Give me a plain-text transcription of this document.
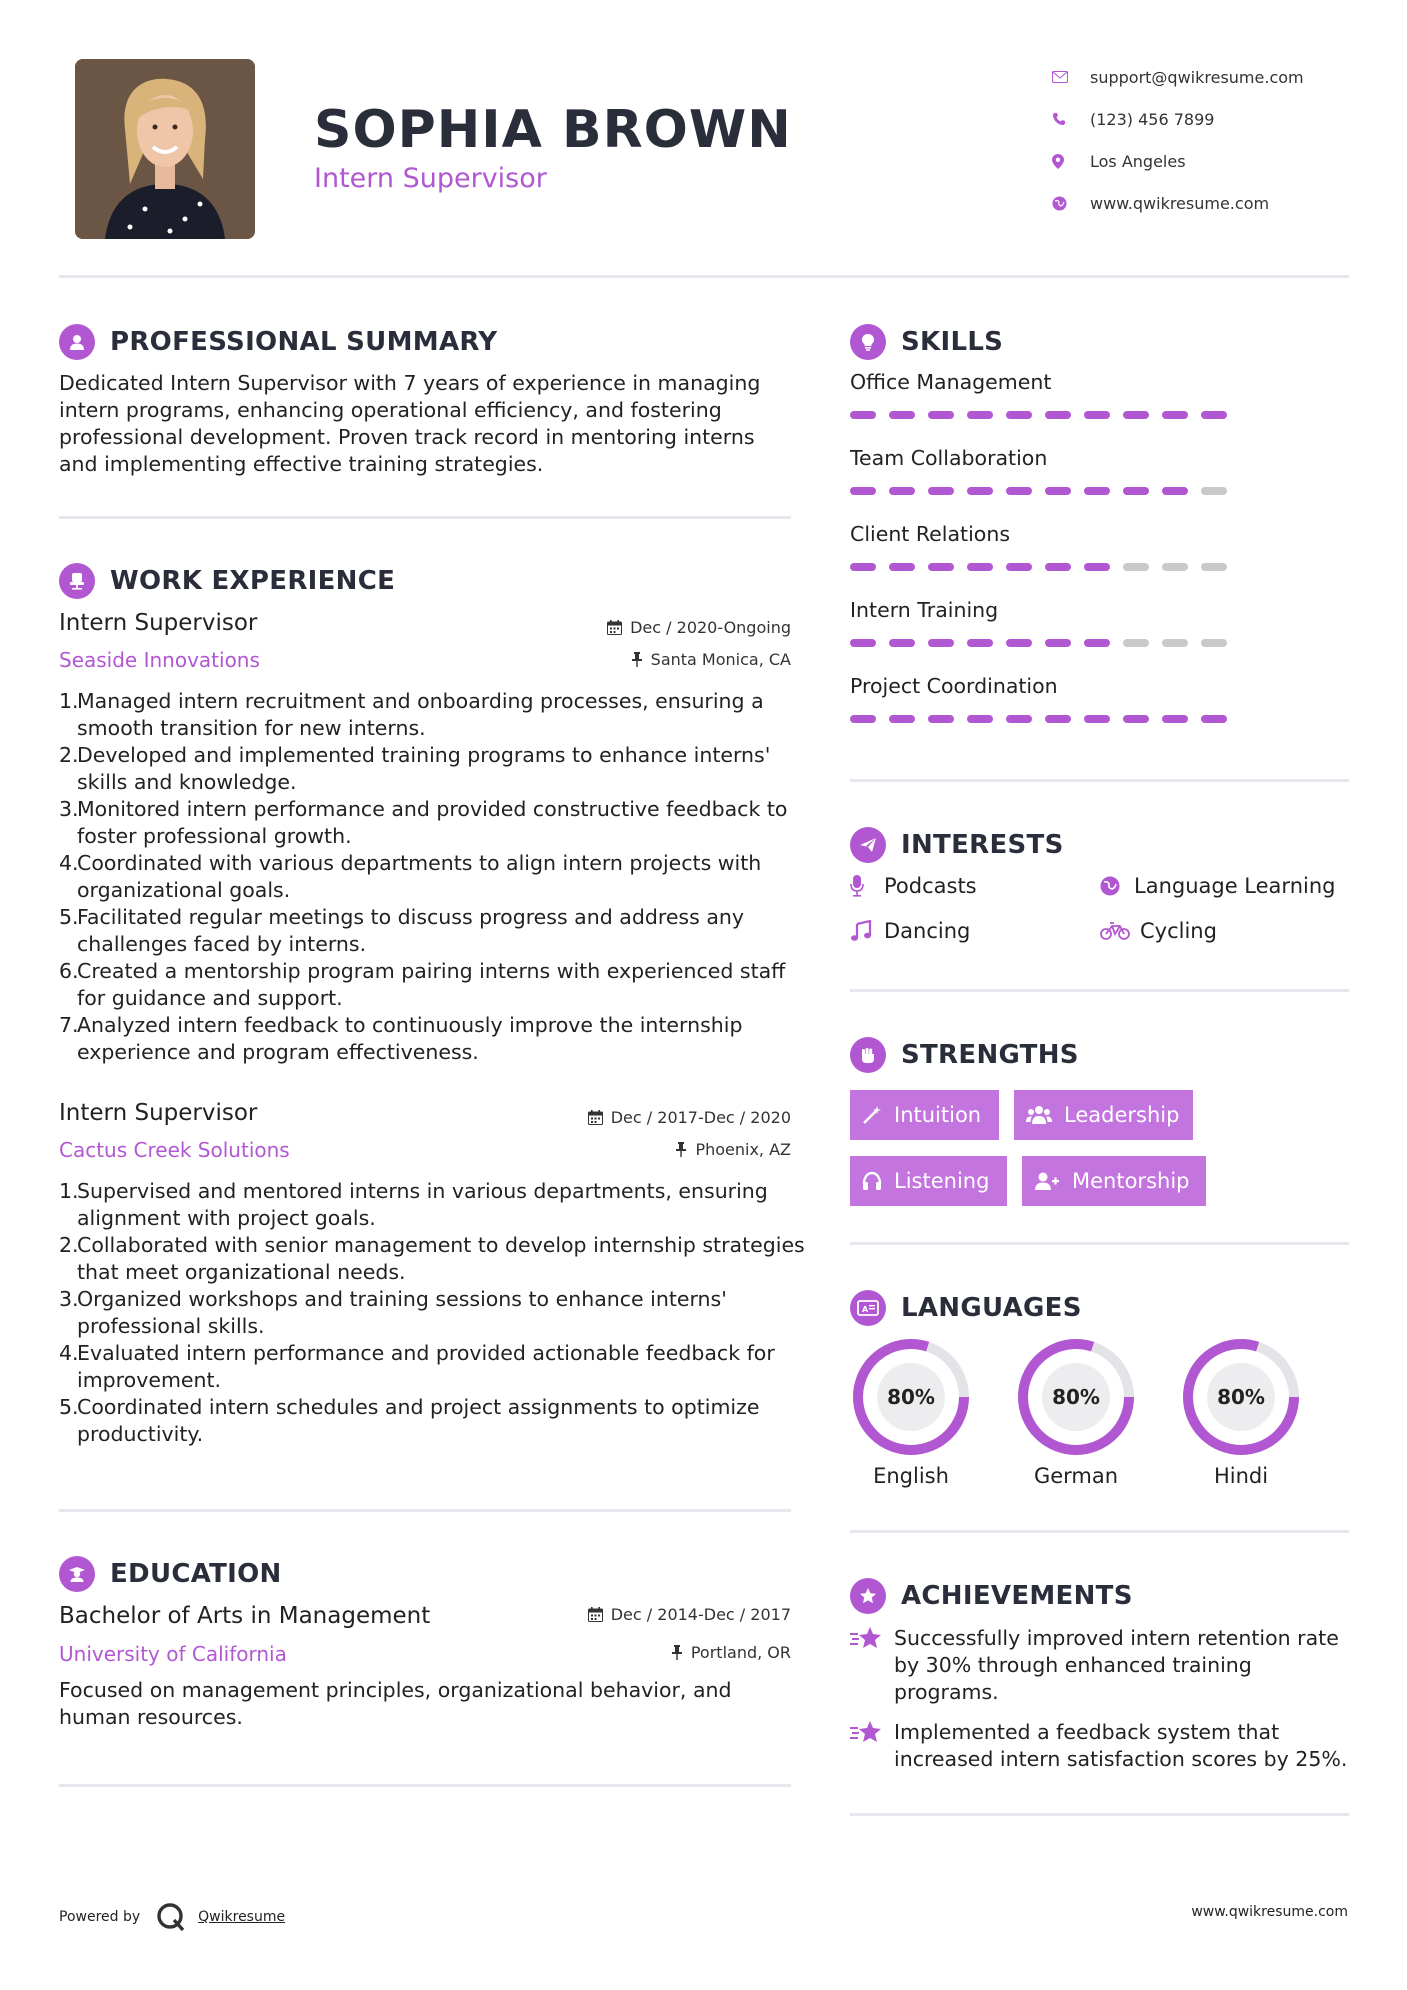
SOPHIA BROWN
Intern Supervisor
support@qwikresume.com
(123) 456 7899
Los Angeles
www.qwikresume.com
PROFESSIONAL SUMMARY
Dedicated Intern Supervisor with 7 years of experience in managing intern programs, enhancing operational efficiency, and fostering professional development. Proven track record in mentoring interns and implementing effective training strategies.
WORK EXPERIENCE
Intern Supervisor	Dec / 2020-Ongoing
Seaside Innovations	Santa Monica, CA
Managed intern recruitment and onboarding processes, ensuring a smooth transition for new interns.
Developed and implemented training programs to enhance interns' skills and knowledge.
Monitored intern performance and provided constructive feedback to foster professional growth.
Coordinated with various departments to align intern projects with organizational goals.
Facilitated regular meetings to discuss progress and address any challenges faced by interns.
Created a mentorship program pairing interns with experienced staff for guidance and support.
Analyzed intern feedback to continuously improve the internship experience and program effectiveness.
Intern Supervisor	Dec / 2017-Dec / 2020
Cactus Creek Solutions	Phoenix, AZ
Supervised and mentored interns in various departments, ensuring alignment with project goals.
Collaborated with senior management to develop internship strategies that meet organizational needs.
Organized workshops and training sessions to enhance interns' professional skills.
Evaluated intern performance and provided actionable feedback for improvement.
Coordinated intern schedules and project assignments to optimize productivity.
EDUCATION
Bachelor of Arts in Management	Dec / 2014-Dec / 2017
University of California	Portland, OR
Focused on management principles, organizational behavior, and human resources.
SKILLS
Office Management
Team Collaboration
Client Relations
Intern Training
Project Coordination
INTERESTS
Podcasts	Language Learning
Dancing	Cycling
STRENGTHS
Intuition	Leadership
Listening	Mentorship
A LANGUAGES
80%
English
80%
German
80%
Hindi
ACHIEVEMENTS
Successfully improved intern retention rate by 30% through enhanced training programs.
Implemented a feedback system that increased intern satisfaction scores by 25%.
Powered by	Qwikresume	www.qwikresume.com
